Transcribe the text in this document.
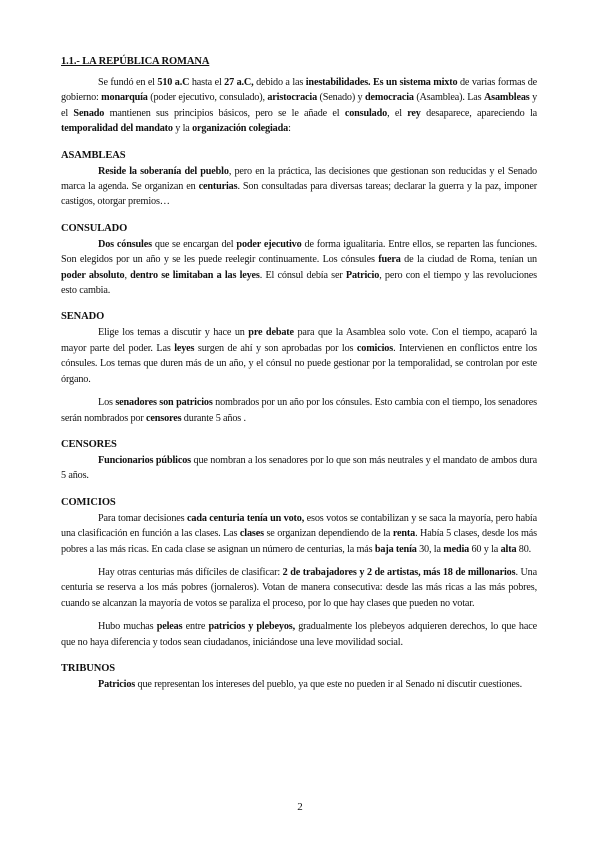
1.1.- LA REPÚBLICA ROMANA

Se fundó en el 510 a.C hasta el 27 a.C, debido a las inestabilidades. Es un sistema mixto de varias formas de gobierno: monarquía (poder ejecutivo, consulado), aristocracia (Senado) y democracia (Asamblea). Las Asambleas y el Senado mantienen sus principios básicos, pero se le añade el consulado, el rey desaparece, apareciendo la temporalidad del mandato y la organización colegiada:

ASAMBLEAS

Reside la soberanía del pueblo, pero en la práctica, las decisiones que gestionan son reducidas y el Senado marca la agenda. Se organizan en centurias. Son consultadas para diversas tareas; declarar la guerra y la paz, imponer castigos, otorgar premios…

CONSULADO

Dos cónsules que se encargan del poder ejecutivo de forma igualitaria. Entre ellos, se reparten las funciones. Son elegidos por un año y se les puede reelegir continuamente. Los cónsules fuera de la ciudad de Roma, tenían un poder absoluto, dentro se limitaban a las leyes. El cónsul debía ser Patricio, pero con el tiempo y las revoluciones esto cambia.

SENADO

Elige los temas a discutir y hace un pre debate para que la Asamblea solo vote. Con el tiempo, acaparó la mayor parte del poder. Las leyes surgen de ahí y son aprobadas por los comicios. Intervienen en conflictos entre los cónsules. Los temas que duren más de un año, y el cónsul no puede gestionar por la temporalidad, se controlan por este órgano.

Los senadores son patricios nombrados por un año por los cónsules. Esto cambia con el tiempo, los senadores serán nombrados por censores durante 5 años .

CENSORES

Funcionarios públicos que nombran a los senadores por lo que son más neutrales y el mandato de ambos dura 5 años.

COMICIOS

Para tomar decisiones cada centuria tenía un voto, esos votos se contabilizan y se saca la mayoría, pero había una clasificación en función a las clases. Las clases se organizan dependiendo de la renta. Había 5 clases, desde los más pobres a las más ricas. En cada clase se asignan un número de centurias, la más baja tenía 30, la media 60 y la alta 80.

Hay otras centurias más difíciles de clasificar: 2 de trabajadores y 2 de artistas, más 18 de millonarios. Una centuria se reserva a los más pobres (jornaleros). Votan de manera consecutiva: desde las más ricas a las más pobres, cuando se alcanzan la mayoría de votos se paraliza el proceso, por lo que hay clases que pueden no votar.

Hubo muchas peleas entre patricios y plebeyos, gradualmente los plebeyos adquieren derechos, lo que hace que no haya diferencia y todos sean ciudadanos, iniciándose una leve movilidad social.

TRIBUNOS

Patricios que representan los intereses del pueblo, ya que este no pueden ir al Senado ni discutir cuestiones.

2
